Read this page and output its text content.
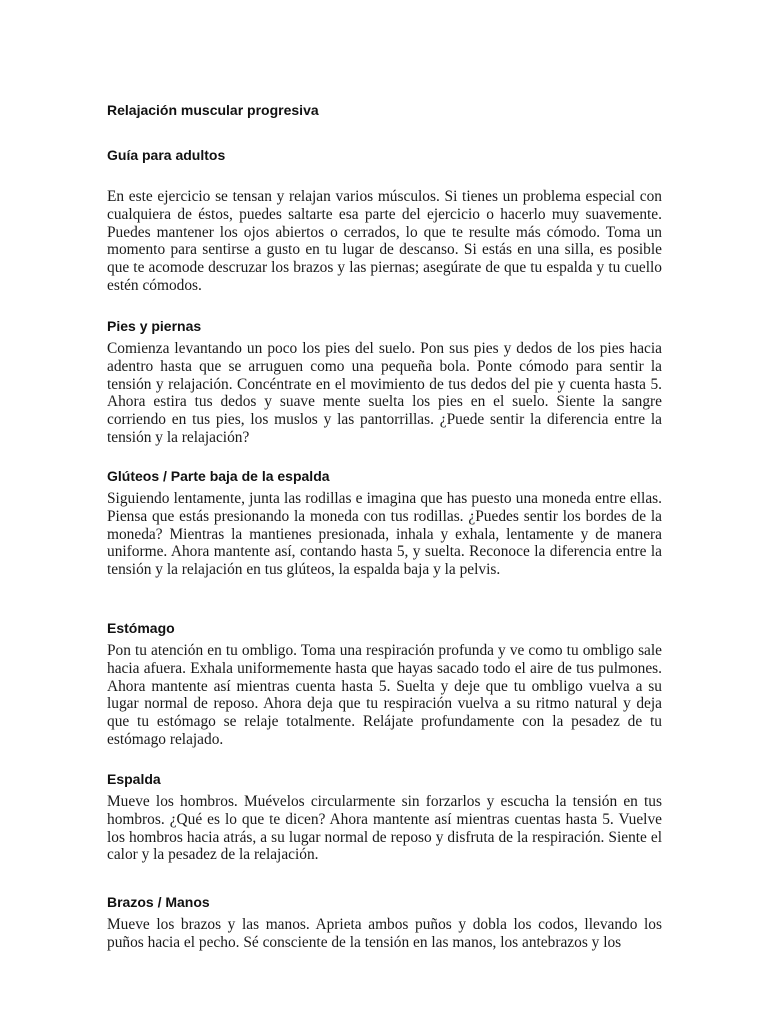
Relajación muscular progresiva
Guía para adultos

En este ejercicio se tensan y relajan varios músculos. Si tienes un problema especial con cualquiera de éstos, puedes saltarte esa parte del ejercicio o hacerlo muy suavemente. Puedes mantener los ojos abiertos o cerrados, lo que te resulte más cómodo. Toma un momento para sentirse a gusto en tu lugar de descanso. Si estás en una silla, es posible que te acomode descruzar los brazos y las piernas; asegúrate de que tu espalda y tu cuello estén cómodos.

Pies y piernas

Comienza levantando un poco los pies del suelo. Pon sus pies y dedos de los pies hacia adentro hasta que se arruguen como una pequeña bola. Ponte cómodo para sentir la tensión y relajación. Concéntrate en el movimiento de tus dedos del pie y cuenta hasta 5. Ahora estira tus dedos y suave mente suelta los pies en el suelo. Siente la sangre corriendo en tus pies, los muslos y las pantorrillas. ¿Puede sentir la diferencia entre la tensión y la relajación?

Glúteos / Parte baja de la espalda

Siguiendo lentamente, junta las rodillas e imagina que has puesto una moneda entre ellas. Piensa que estás presionando la moneda con tus rodillas. ¿Puedes sentir los bordes de la moneda? Mientras la mantienes presionada, inhala y exhala, lentamente y de manera uniforme. Ahora mantente así, contando hasta 5, y suelta. Reconoce la diferencia entre la tensión y la relajación en tus glúteos, la espalda baja y la pelvis.

Estómago

Pon tu atención en tu ombligo. Toma una respiración profunda y ve como tu ombligo sale hacia afuera. Exhala uniformemente hasta que hayas sacado todo el aire de tus pulmones. Ahora mantente así mientras cuenta hasta 5. Suelta y deje que tu ombligo vuelva a su lugar normal de reposo. Ahora deja que tu respiración vuelva a su ritmo natural y deja que tu estómago se relaje totalmente. Relájate profundamente con la pesadez de tu estómago relajado.

Espalda

Mueve los hombros. Muévelos circularmente sin forzarlos y escucha la tensión en tus hombros. ¿Qué es lo que te dicen? Ahora mantente así mientras cuentas hasta 5. Vuelve los hombros hacia atrás, a su lugar normal de reposo y disfruta de la respiración. Siente el calor y la pesadez de la relajación.

Brazos / Manos

Mueve los brazos y las manos. Aprieta ambos puños y dobla los codos, llevando los puños hacia el pecho. Sé consciente de la tensión en las manos, los antebrazos y los
